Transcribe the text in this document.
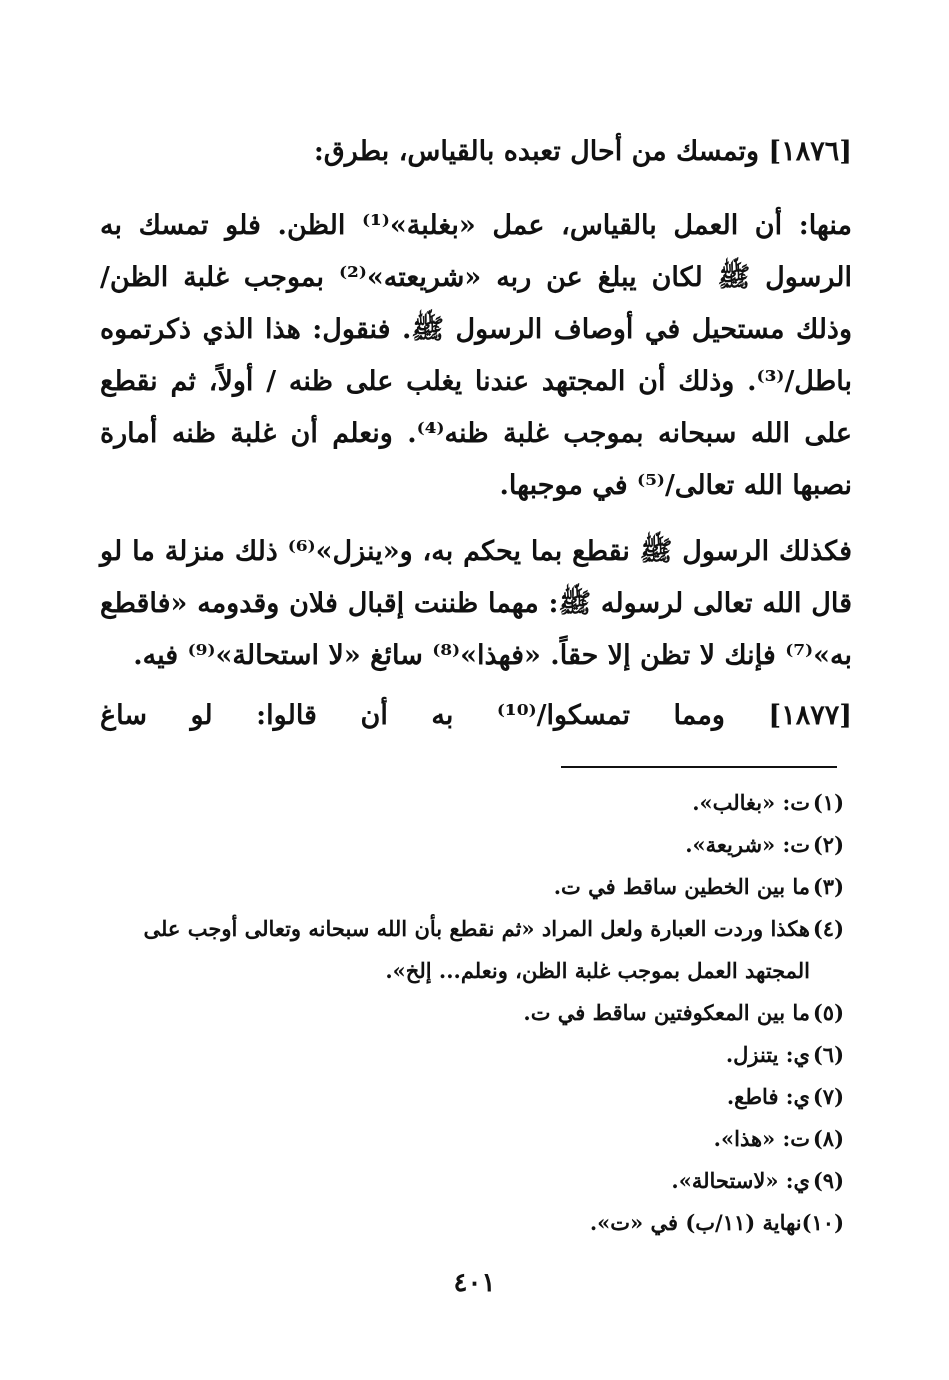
[١٨٧٦] وتمسك من أحال تعبده بالقياس، بطرق:

منها: أن العمل بالقياس، عمل «بغلبة»⁽¹⁾ الظن. فلو تمسك به الرسول ﷺ لكان يبلغ عن ربه «شريعته»⁽²⁾ بموجب غلبة الظن/ وذلك مستحيل في أوصاف الرسول ﷺ. فنقول: هذا الذي ذكرتموه باطل/⁽³⁾. وذلك أن المجتهد عندنا يغلب على ظنه / أولاً، ثم نقطع على الله سبحانه بموجب غلبة ظنه⁽⁴⁾. ونعلم أن غلبة ظنه أمارة نصبها الله تعالى/⁽⁵⁾ في موجبها.

فكذلك الرسول ﷺ نقطع بما يحكم به، و«ينزل»⁽⁶⁾ ذلك منزلة ما لو قال الله تعالى لرسوله ﷺ: مهما ظننت إقبال فلان وقدومه «فاقطع به»⁽⁷⁾ فإنك لا تظن إلا حقاً. «فهذا»⁽⁸⁾ سائغ «لا استحالة»⁽⁹⁾ فيه.

[١٨٧٧] ومما تمسكوا/⁽¹⁰⁾ به أن قالوا: لو ساغ

(١)
ت: «بغالب».
(٢)
ت: «شريعة».
(٣)
ما بين الخطين ساقط في ت.
(٤)
هكذا وردت العبارة ولعل المراد «ثم نقطع بأن الله سبحانه وتعالى أوجب على المجتهد العمل بموجب غلبة الظن، ونعلم... إلخ».
(٥)
ما بين المعكوفتين ساقط في ت.
(٦)
ي: يتنزل.
(٧)
ي: فاطع.
(٨)
ت: «هذا».
(٩)
ي: «لاستحالة».
(١٠)
نهاية (١١/ب) في «ت».
٤٠١
